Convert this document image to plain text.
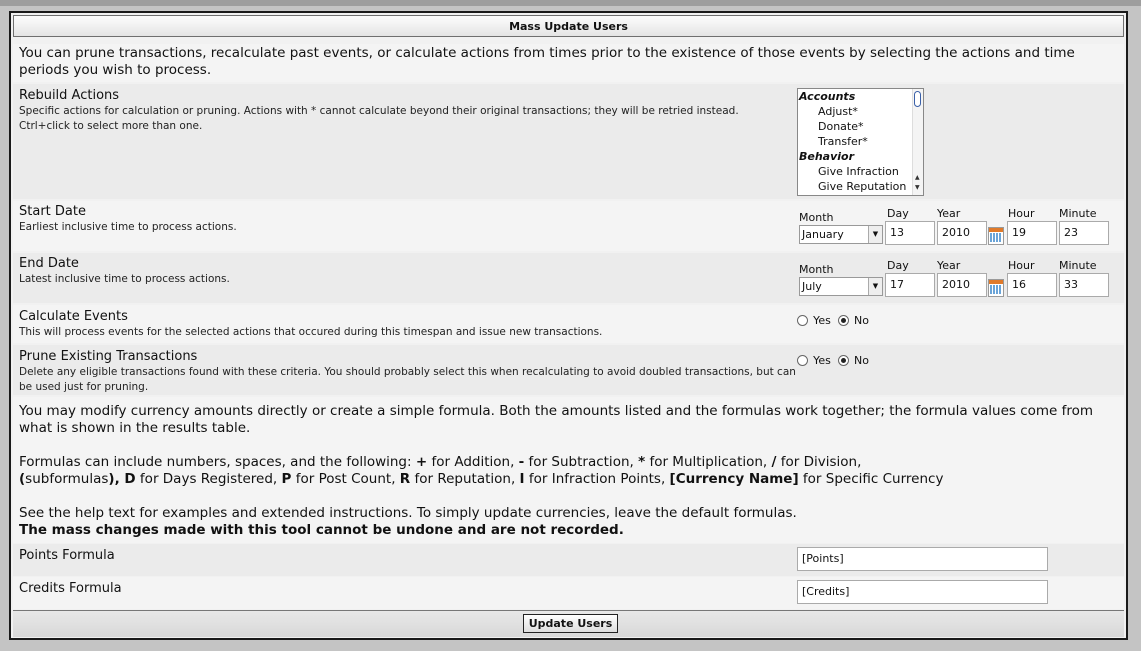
Mass Update Users
You can prune transactions, recalculate past events, or calculate actions from times prior to the existence of those events by selecting the actions and time periods you wish to process.
Rebuild Actions
Specific actions for calculation or pruning. Actions with * cannot calculate beyond their original transactions; they will be retried instead.
Ctrl+click to select more than one.
Accounts
Adjust*
Donate*
Transfer*
Behavior
Give Infraction
Give Reputation
▲
▼
Start Date
Earliest inclusive time to process actions.
Month	Day	Year	Hour Minute
January	▼	13	2010	19	23
End Date
Latest inclusive time to process actions.
Month	Day	Year	Hour Minute
July	▼	17	2010	16	33
Calculate Events
This will process events for the selected actions that occured during this timespan and issue new transactions.
Yes No
Prune Existing Transactions
Delete any eligible transactions found with these criteria. You should probably select this when recalculating to avoid doubled transactions, but can be used just for pruning.
Yes No
You may modify currency amounts directly or create a simple formula. Both the amounts listed and the formulas work together; the formula values come from what is shown in the results table.
Formulas can include numbers, spaces, and the following: + for Addition, - for Subtraction, * for Multiplication, / for Division,
(subformulas), D for Days Registered, P for Post Count, R for Reputation, I for Infraction Points, [Currency Name] for Specific Currency
See the help text for examples and extended instructions. To simply update currencies, leave the default formulas.
The mass changes made with this tool cannot be undone and are not recorded.
Points Formula	[Points]
Credits Formula	[Credits]
Update Users
